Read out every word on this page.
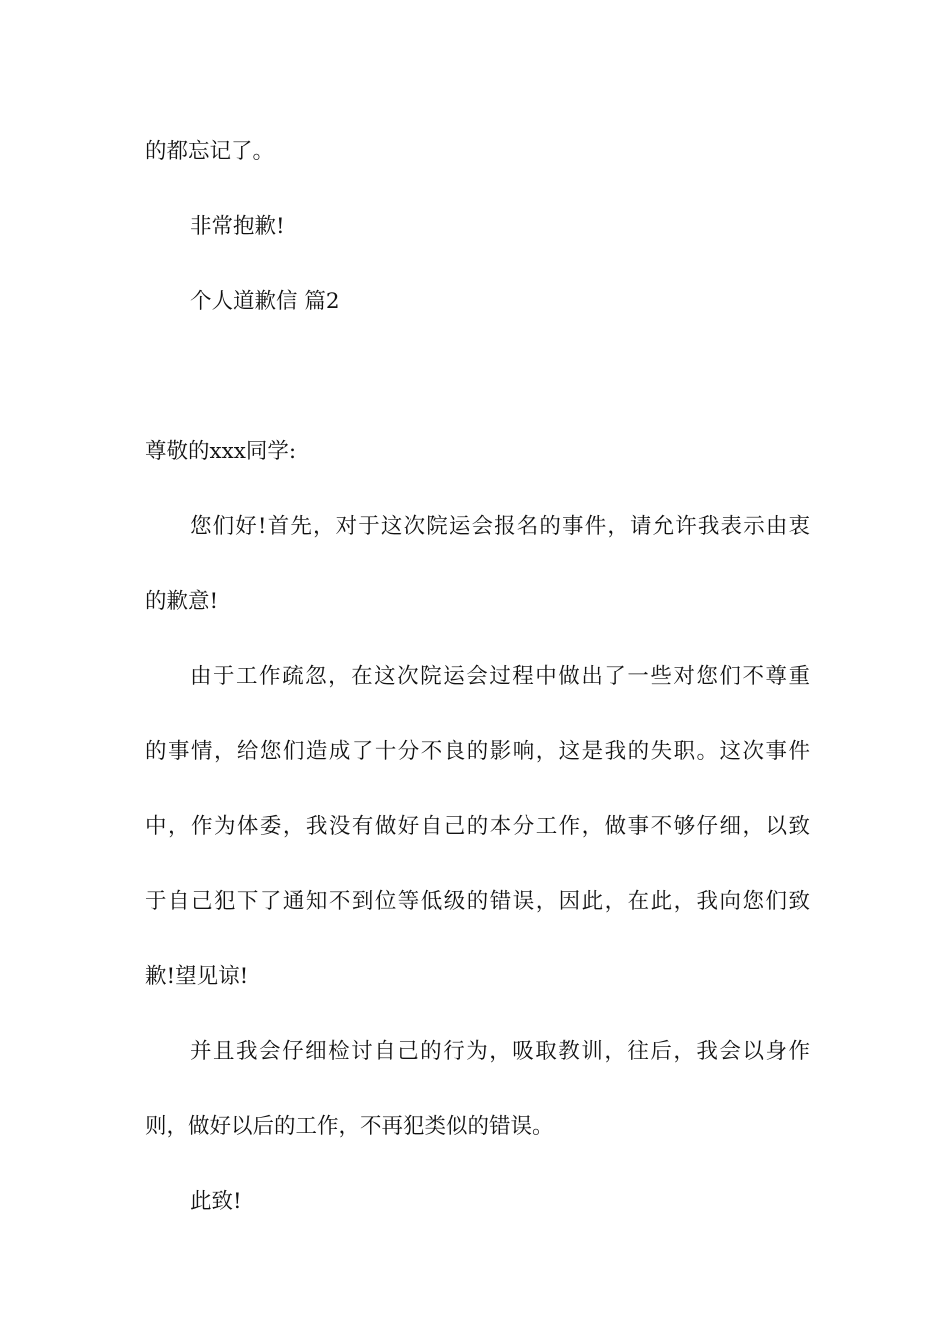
的都忘记了。
非常抱歉!
个人道歉信 篇2
尊敬的xxx同学:
您们好!首先，对于这次院运会报名的事件，请允许我表示由衷
的歉意!
由于工作疏忽，在这次院运会过程中做出了一些对您们不尊重
的事情，给您们造成了十分不良的影响，这是我的失职。这次事件
中，作为体委，我没有做好自己的本分工作，做事不够仔细，以致
于自己犯下了通知不到位等低级的错误，因此，在此，我向您们致
歉!望见谅!
并且我会仔细检讨自己的行为，吸取教训，往后，我会以身作
则，做好以后的工作，不再犯类似的错误。
此致!
